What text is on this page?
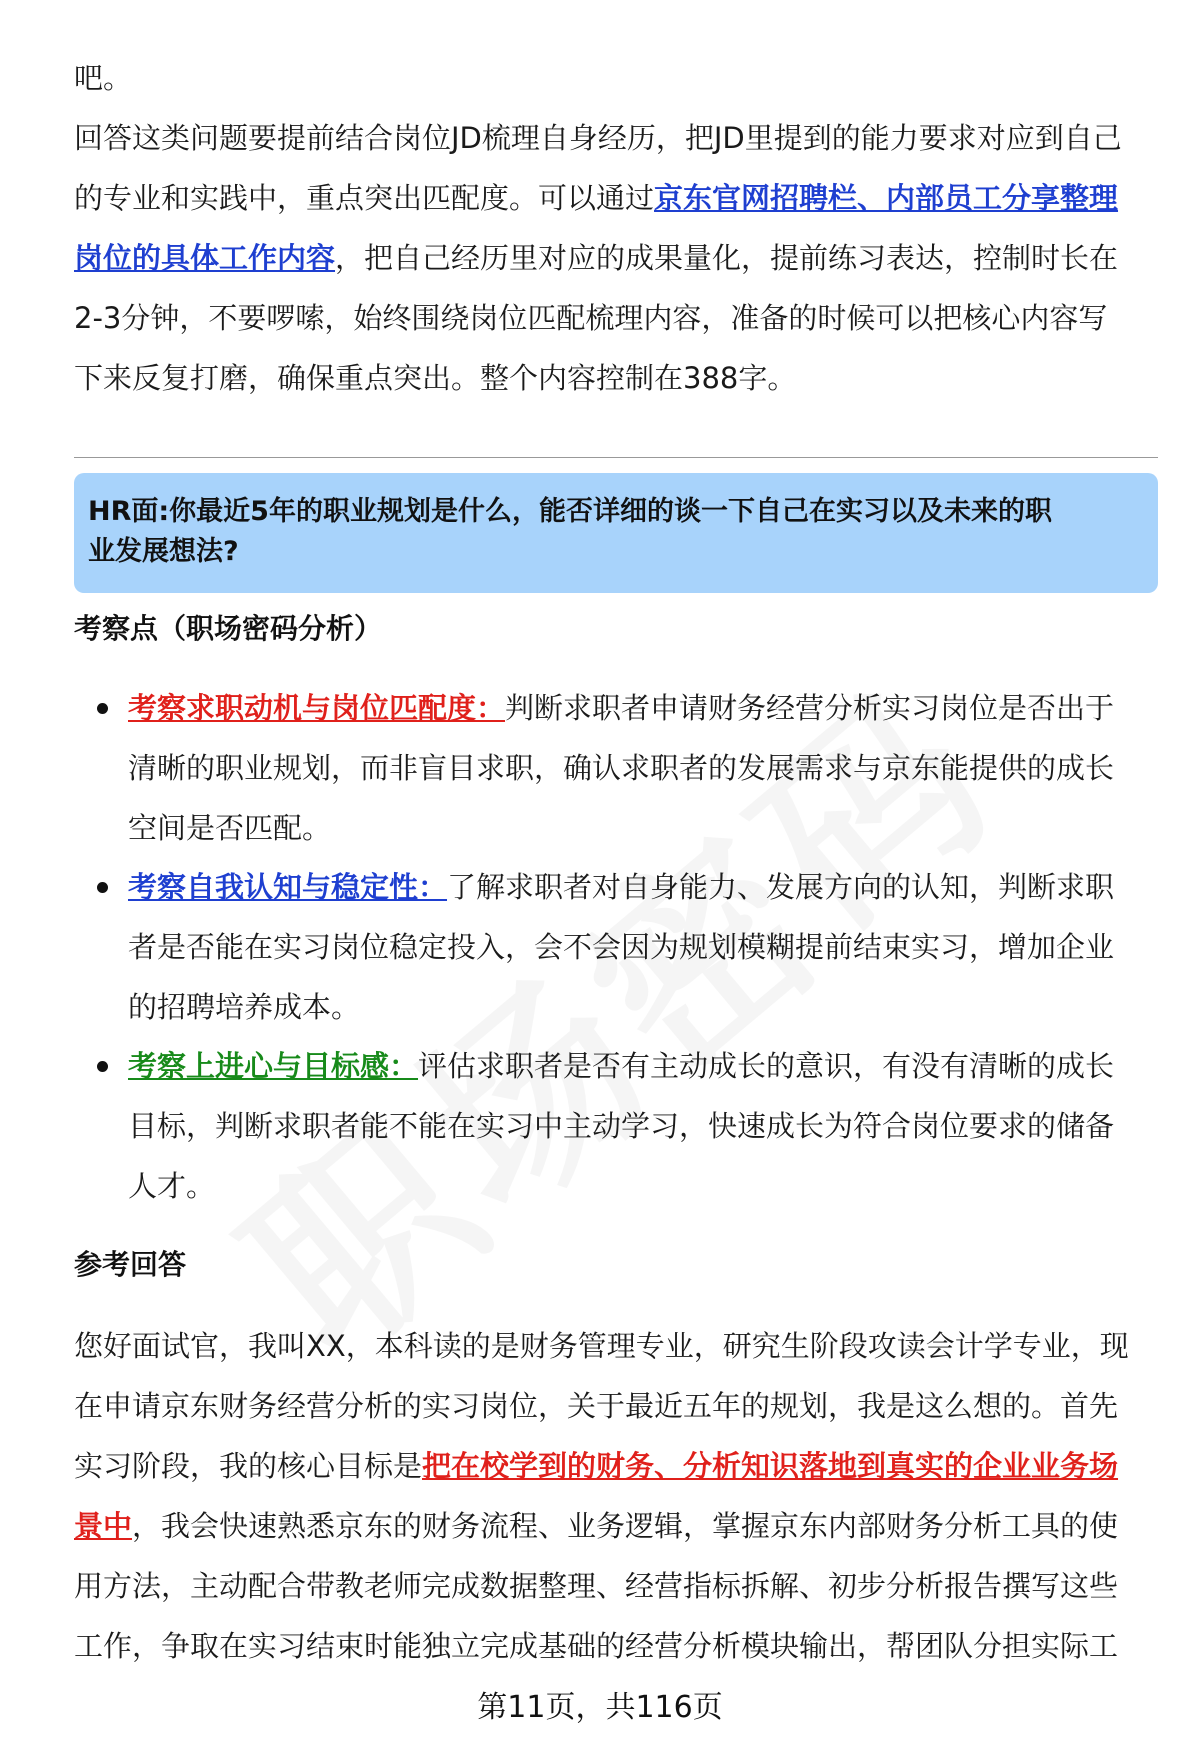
吧。
回答这类问题要提前结合岗位JD梳理自身经历，把JD里提到的能力要求对应到自己
的专业和实践中，重点突出匹配度。可以通过京东官网招聘栏、内部员工分享整理
岗位的具体工作内容，把自己经历里对应的成果量化，提前练习表达，控制时长在
2-3分钟，不要啰嗦，始终围绕岗位匹配梳理内容，准备的时候可以把核心内容写
下来反复打磨，确保重点突出。整个内容控制在388字。
HR面:你最近5年的职业规划是什么，能否详细的谈一下自己在实习以及未来的职
业发展想法?
考察点（职场密码分析）
考察求职动机与岗位匹配度：判断求职者申请财务经营分析实习岗位是否出于
清晰的职业规划，而非盲目求职，确认求职者的发展需求与京东能提供的成长
空间是否匹配。
考察自我认知与稳定性：了解求职者对自身能力、发展方向的认知，判断求职
者是否能在实习岗位稳定投入，会不会因为规划模糊提前结束实习，增加企业
的招聘培养成本。
考察上进心与目标感：评估求职者是否有主动成长的意识，有没有清晰的成长
目标，判断求职者能不能在实习中主动学习，快速成长为符合岗位要求的储备
人才。
参考回答
您好面试官，我叫XX，本科读的是财务管理专业，研究生阶段攻读会计学专业，现
在申请京东财务经营分析的实习岗位，关于最近五年的规划，我是这么想的。首先
实习阶段，我的核心目标是把在校学到的财务、分析知识落地到真实的企业业务场
景中，我会快速熟悉京东的财务流程、业务逻辑，掌握京东内部财务分析工具的使
用方法，主动配合带教老师完成数据整理、经营指标拆解、初步分析报告撰写这些
工作，争取在实习结束时能独立完成基础的经营分析模块输出，帮团队分担实际工
第11页，共116页
